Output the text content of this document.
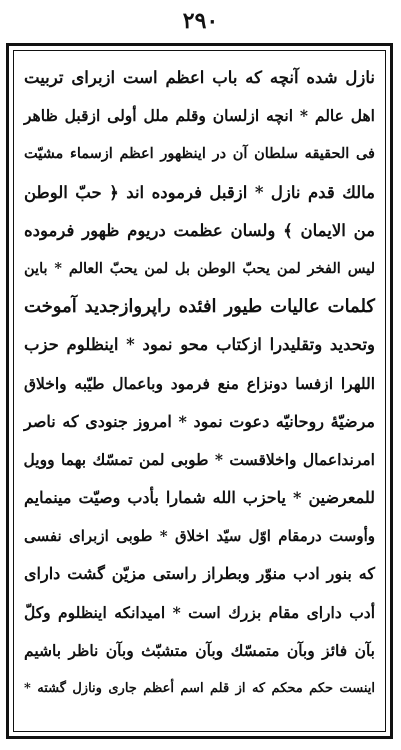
۲۹۰
نازل شده آنچه که باب اعظم است ازبرای تربیت
اهل عالم * انچه ازلسان وقلم ملل أولی ازقبل ظاهر
فی الحقیقه سلطان آن در اینظهور اعظم ازسماء مشیّت
مالك قدم نازل * ازقبل فرموده اند ﴿ حبّ الوطن
من الایمان ﴾ ولسان عظمت دریوم ظهور فرموده
لیس الفخر لمن یحبّ الوطن بل لمن یحبّ العالم * باین
کلمات عالیات طیور افئده راپروازجدید آموخت
وتحدید وتقلیدرا ازکتاب محو نمود * اینظلوم حزب
اللهرا ازفسا دونزاع منع فرمود وباعمال طیّبه واخلاق
مرضیّهٔ روحانیّه دعوت نمود * امروز جنودی که ناصر
امرنداعمال واخلاقست * طوبی لمن تمسّك بهما وویل
للمعرضین * یاحزب الله شمارا بأدب وصیّت مینمایم
وأوست درمقام اوّل سیّد اخلاق * طوبی ازبرای نفسی
که بنور ادب منوّر وبطراز راستی مزیّن گشت دارای
أدب دارای مقام بزرك است * امیدانکه اینظلوم وکلّ
بآن فائز وبآن متمسّك وبآن متشبّث وبآن ناظر باشیم
اینست حکم محکم که از قلم اسم أعظم جاری ونازل گشته *
